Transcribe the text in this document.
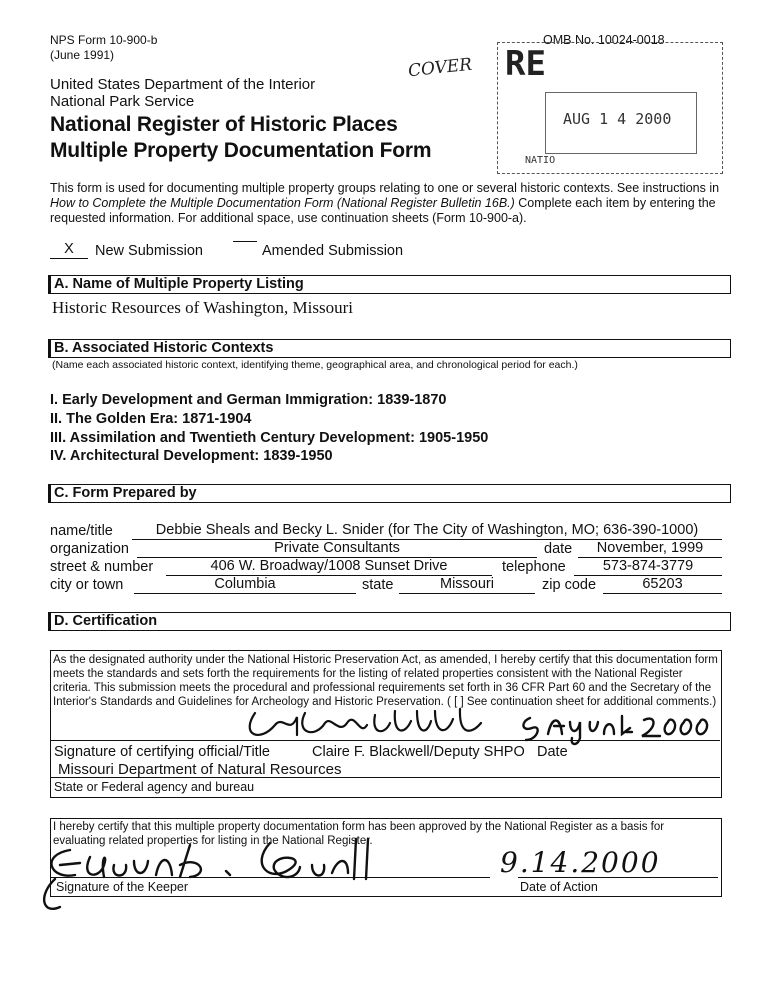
NPS Form 10-900-b
(June 1991)
OMB No. 10024-0018
United States Department of the Interior
National Park Service
National Register of Historic Places
Multiple Property Documentation Form
COVER RE
AUG 1 4 2000
NATIO
This form is used for documenting multiple property groups relating to one or several historic contexts. See instructions in How to Complete the Multiple Documentation Form (National Register Bulletin 16B.) Complete each item by entering the requested information. For additional space, use continuation sheets (Form 10-900-a).
X	New Submission	Amended Submission
A. Name of Multiple Property Listing
Historic Resources of Washington, Missouri
B. Associated Historic Contexts
(Name each associated historic context, identifying theme, geographical area, and chronological period for each.)
I. Early Development and German Immigration: 1839-1870
II. The Golden Era: 1871-1904
III. Assimilation and Twentieth Century Development: 1905-1950
IV. Architectural Development: 1839-1950
C. Form Prepared by
name/title	Debbie Sheals and Becky L. Snider (for The City of Washington, MO; 636-390-1000)
organization	Private Consultants	date	November, 1999
street & number	406 W. Broadway/1008 Sunset Drive	telephone	573-874-3779
city or town	Columbia	state	Missouri	zip code	65203
D. Certification
As the designated authority under the National Historic Preservation Act, as amended, I hereby certify that this documentation form meets the standards and sets forth the requirements for the listing of related properties consistent with the National Register criteria. This submission meets the procedural and professional requirements set forth in 36 CFR Part 60 and the Secretary of the Interior's Standards and Guidelines for Archeology and Historic Preservation. ( [ ] See continuation sheet for additional comments.)
Signature of certifying official/Title	Claire F. Blackwell/Deputy SHPO Date
Missouri Department of Natural Resources
State or Federal agency and bureau
I hereby certify that this multiple property documentation form has been approved by the National Register as a basis for evaluating related properties for listing in the National Register.
9.14.2000
Signature of the Keeper	Date of Action
